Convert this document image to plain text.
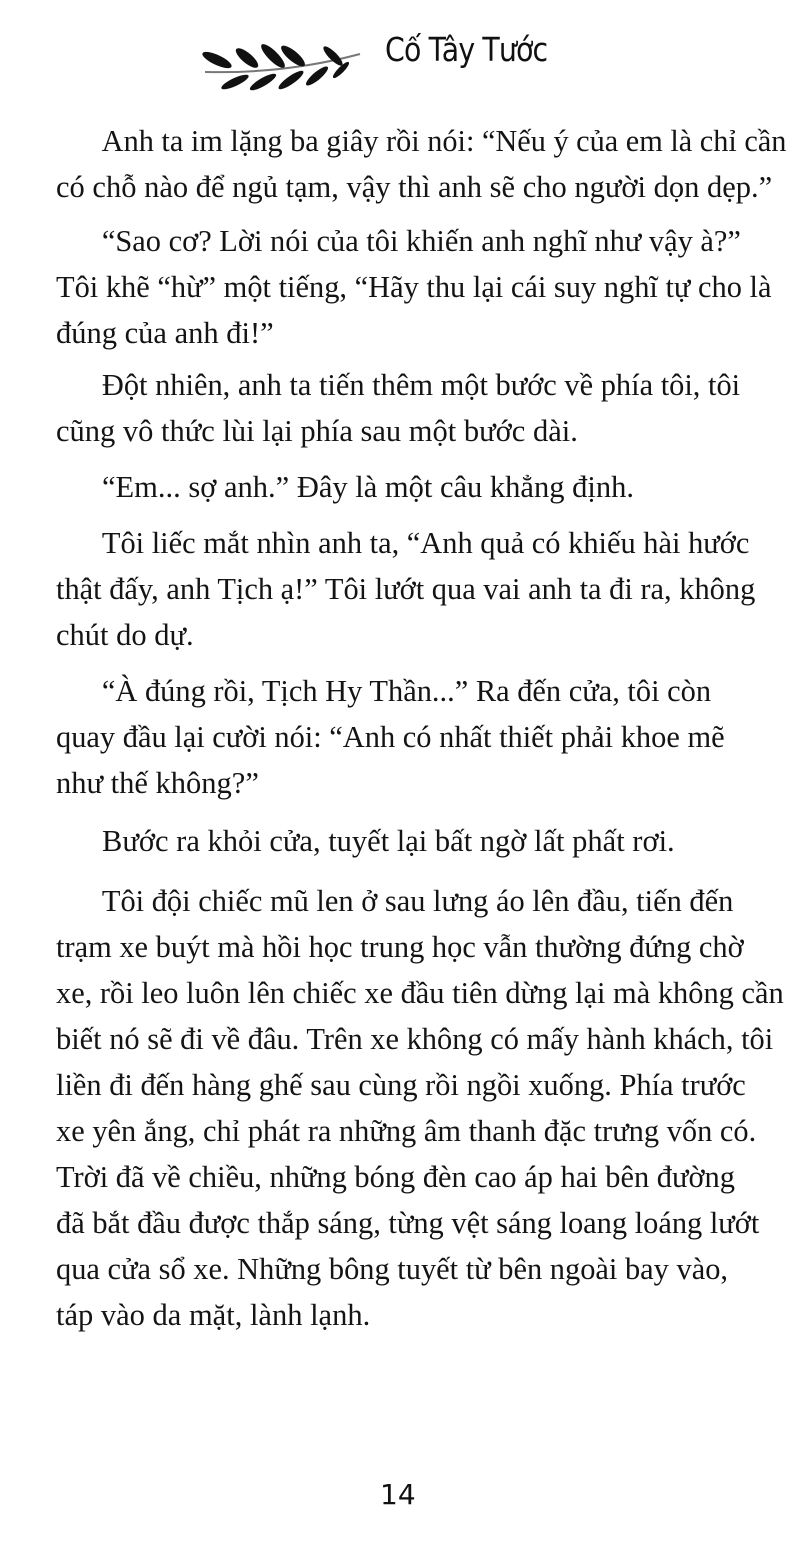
Cố Tây Tước
Anh ta im lặng ba giây rồi nói: “Nếu ý của em là chỉ cần
có chỗ nào để ngủ tạm, vậy thì anh sẽ cho người dọn dẹp.”
“Sao cơ? Lời nói của tôi khiến anh nghĩ như vậy à?”
Tôi khẽ “hừ” một tiếng, “Hãy thu lại cái suy nghĩ tự cho là
đúng của anh đi!”
Đột nhiên, anh ta tiến thêm một bước về phía tôi, tôi
cũng vô thức lùi lại phía sau một bước dài.
“Em... sợ anh.” Đây là một câu khẳng định.
Tôi liếc mắt nhìn anh ta, “Anh quả có khiếu hài hước
thật đấy, anh Tịch ạ!” Tôi lướt qua vai anh ta đi ra, không
chút do dự.
“À đúng rồi, Tịch Hy Thần...” Ra đến cửa, tôi còn
quay đầu lại cười nói: “Anh có nhất thiết phải khoe mẽ
như thế không?”
Bước ra khỏi cửa, tuyết lại bất ngờ lất phất rơi.
Tôi đội chiếc mũ len ở sau lưng áo lên đầu, tiến đến
trạm xe buýt mà hồi học trung học vẫn thường đứng chờ
xe, rồi leo luôn lên chiếc xe đầu tiên dừng lại mà không cần
biết nó sẽ đi về đâu. Trên xe không có mấy hành khách, tôi
liền đi đến hàng ghế sau cùng rồi ngồi xuống. Phía trước
xe yên ắng, chỉ phát ra những âm thanh đặc trưng vốn có.
Trời đã về chiều, những bóng đèn cao áp hai bên đường
đã bắt đầu được thắp sáng, từng vệt sáng loang loáng lướt
qua cửa sổ xe. Những bông tuyết từ bên ngoài bay vào,
táp vào da mặt, lành lạnh.
14
